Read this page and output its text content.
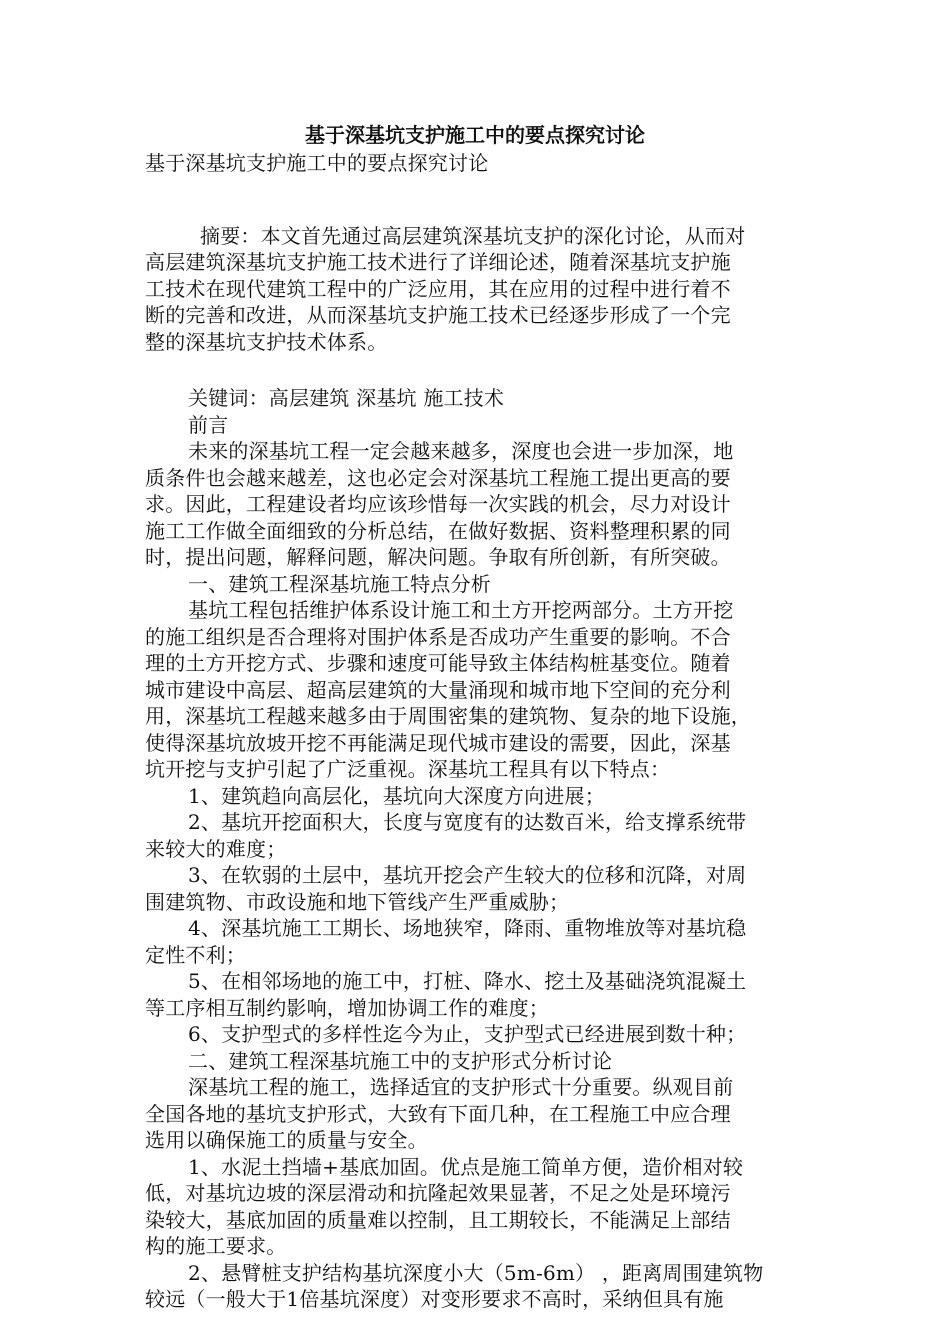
基于深基坑支护施工中的要点探究讨论

基于深基坑支护施工中的要点探究讨论

摘要：本文首先通过高层建筑深基坑支护的深化讨论，从而对

高层建筑深基坑支护施工技术进行了详细论述，随着深基坑支护施

工技术在现代建筑工程中的广泛应用，其在应用的过程中进行着不

断的完善和改进，从而深基坑支护施工技术已经逐步形成了一个完

整的深基坑支护技术体系。

关键词：高层建筑 深基坑 施工技术

前言

未来的深基坑工程一定会越来越多，深度也会进一步加深，地

质条件也会越来越差，这也必定会对深基坑工程施工提出更高的要

求。因此，工程建设者均应该珍惜每一次实践的机会，尽力对设计

施工工作做全面细致的分析总结，在做好数据、资料整理积累的同

时，提出问题，解释问题，解决问题。争取有所创新，有所突破。

一、建筑工程深基坑施工特点分析

基坑工程包括维护体系设计施工和土方开挖两部分。土方开挖

的施工组织是否合理将对围护体系是否成功产生重要的影响。不合

理的土方开挖方式、步骤和速度可能导致主体结构桩基变位。随着

城市建设中高层、超高层建筑的大量涌现和城市地下空间的充分利

用，深基坑工程越来越多由于周围密集的建筑物、复杂的地下设施，

使得深基坑放坡开挖不再能满足现代城市建设的需要，因此，深基

坑开挖与支护引起了广泛重视。深基坑工程具有以下特点：

1、建筑趋向高层化，基坑向大深度方向进展；

2、基坑开挖面积大，长度与宽度有的达数百米，给支撑系统带

来较大的难度；

3、在软弱的土层中，基坑开挖会产生较大的位移和沉降，对周

围建筑物、市政设施和地下管线产生严重威胁；

4、深基坑施工工期长、场地狭窄，降雨、重物堆放等对基坑稳

定性不利；

5、在相邻场地的施工中，打桩、降水、挖土及基础浇筑混凝土

等工序相互制约影响，增加协调工作的难度；

6、支护型式的多样性迄今为止，支护型式已经进展到数十种；

二、建筑工程深基坑施工中的支护形式分析讨论

深基坑工程的施工，选择适宜的支护形式十分重要。纵观目前

全国各地的基坑支护形式，大致有下面几种，在工程施工中应合理

选用以确保施工的质量与安全。

1、水泥土挡墙+基底加固。优点是施工简单方便，造价相对较

低，对基坑边坡的深层滑动和抗隆起效果显著，不足之处是环境污

染较大，基底加固的质量难以控制，且工期较长，不能满足上部结

构的施工要求。

2、悬臂桩支护结构基坑深度小大（5m-6m） ，距离周围建筑物

较远（一般大于1倍基坑深度）对变形要求不高时，采纳但具有施
